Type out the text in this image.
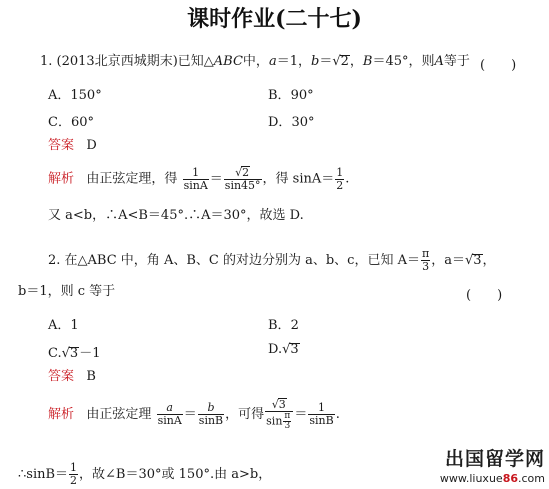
课时作业(二十七)
1. (2013北京西城期末)已知△ABC中，a＝1，b＝√2，B＝45°，则A等于 (　　)
A．150°	B．90°
C．60°	D．30°
答案 D
解析 由正弦定理，得 $\frac{1}{\sin A} = \frac{√2}{\sin 45^\circ}$ ，得 $\sin A= \frac{1}{2}$ .
又 a<b，∴A<B＝45°.∴A＝30°，故选 D.
2. 在△ABC 中，角 A、B、C 的对边分别为 a、b、c，已知 $A= \frac{\pi}{3}$ ，a＝√3，
b＝1，则 c 等于	(　　)
A．1	B．2
C.√3－1	D.√3
答案 B
解析 由正弦定理 $\frac{a}{\sin A} = \frac{b}{\sin B}$ ，可得 $\frac{√3}{\sin \frac{\pi}{3}} = \frac{1}{\sin B}$ .
∴sinB＝ $\frac{1}{2}$ ，故∠B＝30°或 150°.由 a>b，
出国留学网
www.liuxue86.com
